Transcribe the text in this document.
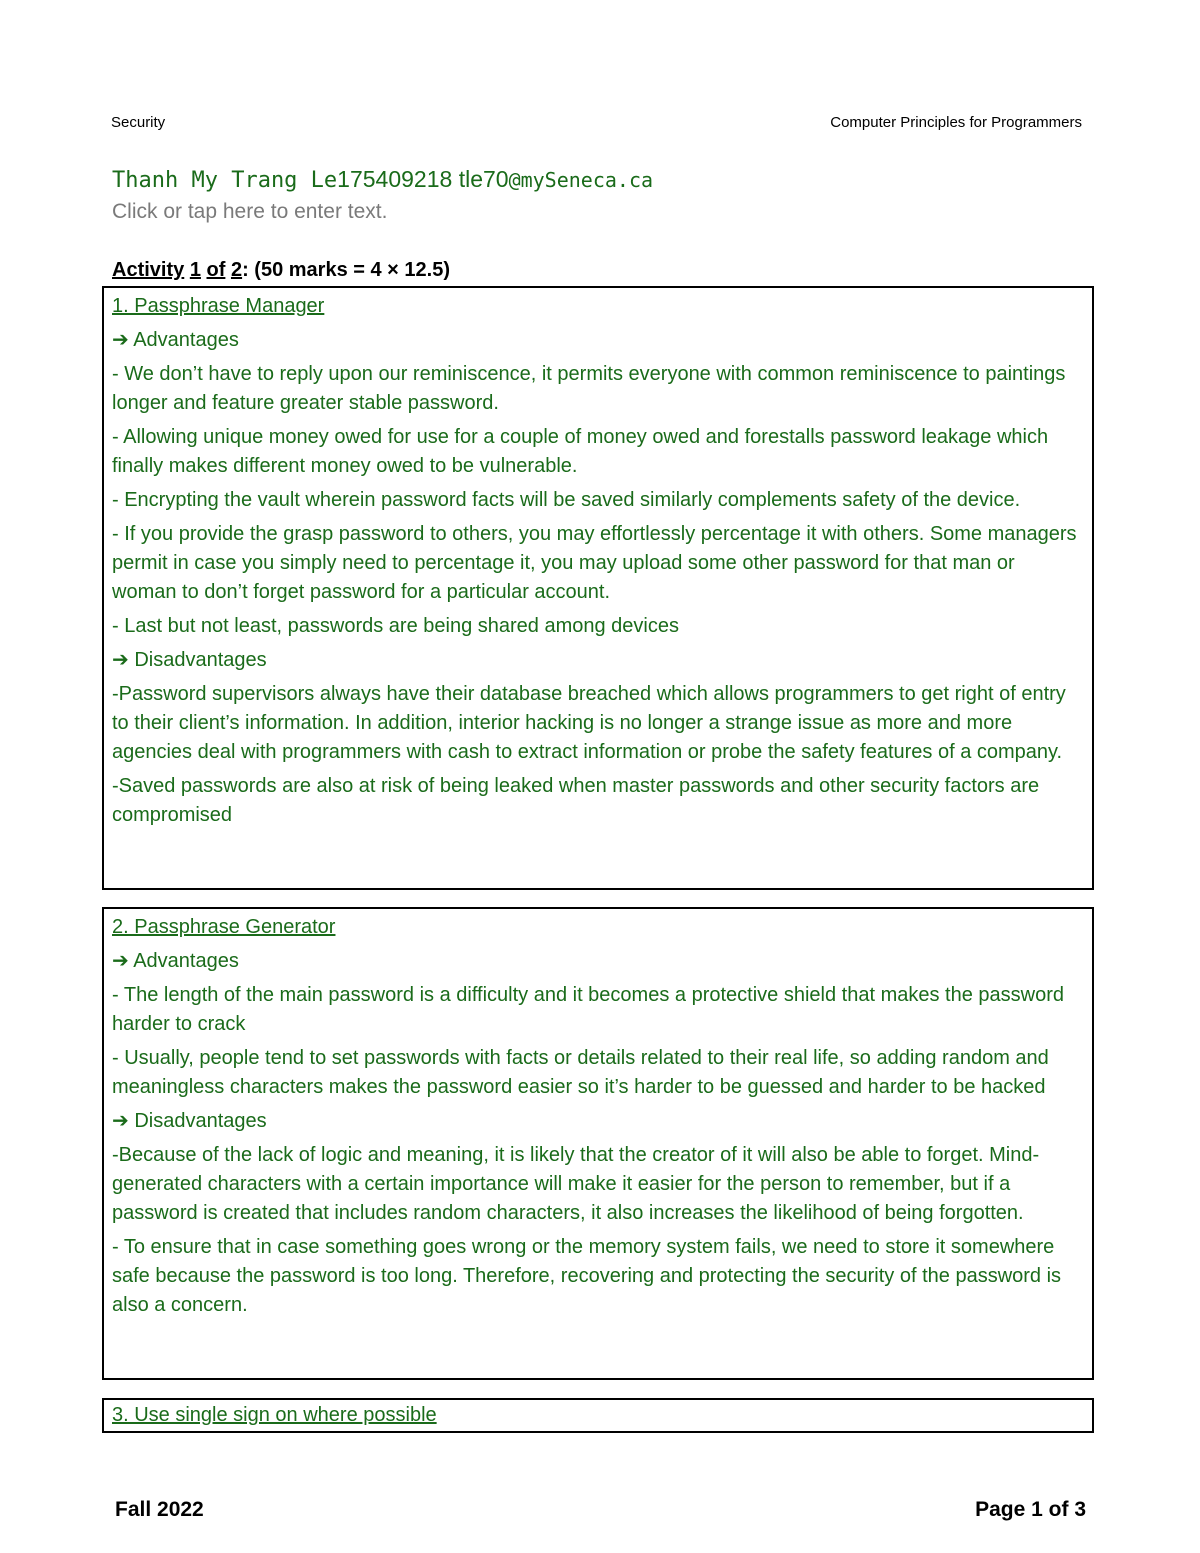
Security	Computer Principles for Programmers
Thanh My Trang Le175409218 tle70@mySeneca.ca
Click or tap here to enter text.
Activity 1 of 2: (50 marks = 4 × 12.5)

1. Passphrase Manager

➔ Advantages

- We don’t have to reply upon our reminiscence, it permits everyone with common reminiscence to paintings longer and feature greater stable password.

- Allowing unique money owed for use for a couple of money owed and forestalls password leakage which finally makes different money owed to be vulnerable.

- Encrypting the vault wherein password facts will be saved similarly complements safety of the device.

- If you provide the grasp password to others, you may effortlessly percentage it with others. Some managers permit in case you simply need to percentage it, you may upload some other password for that man or woman to don’t forget password for a particular account.

- Last but not least, passwords are being shared among devices

➔ Disadvantages

-Password supervisors always have their database breached which allows programmers to get right of entry to their client’s information. In addition, interior hacking is no longer a strange issue as more and more agencies deal with programmers with cash to extract information or probe the safety features of a company.

-Saved passwords are also at risk of being leaked when master passwords and other security factors are compromised

2. Passphrase Generator

➔ Advantages

- The length of the main password is a difficulty and it becomes a protective shield that makes the password harder to crack

- Usually, people tend to set passwords with facts or details related to their real life, so adding random and meaningless characters makes the password easier so it’s harder to be guessed and harder to be hacked

➔ Disadvantages

-Because of the lack of logic and meaning, it is likely that the creator of it will also be able to forget. Mind-generated characters with a certain importance will make it easier for the person to remember, but if a password is created that includes random characters, it also increases the likelihood of being forgotten.

- To ensure that in case something goes wrong or the memory system fails, we need to store it somewhere safe because the password is too long. Therefore, recovering and protecting the security of the password is also a concern.

3. Use single sign on where possible

Fall 2022	Page 1 of 3
